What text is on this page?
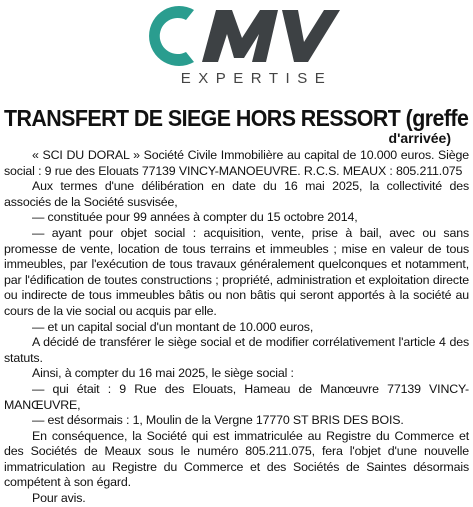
EXPERTISE
TRANSFERT DE SIEGE HORS RESSORT (greffe
d'arrivée)

« SCI DU DORAL » Société Civile Immobilière au capital de 10.000 euros. Siège social : 9 rue des Elouats 77139 VINCY-MANOEUVRE. R.C.S. MEAUX : 805.211.075

Aux termes d'une délibération en date du 16 mai 2025, la collectivité des associés de la Société susvisée,

— constituée pour 99 années à compter du 15 octobre 2014,

— ayant pour objet social : acquisition, vente, prise à bail, avec ou sans promesse de vente, location de tous terrains et immeubles ; mise en valeur de tous immeubles, par l'exécution de tous travaux généralement quelconques et notamment, par l'édification de toutes constructions ; propriété, administration et exploitation directe ou indirecte de tous immeubles bâtis ou non bâtis qui seront apportés à la société au cours de la vie social ou acquis par elle.

— et un capital social d'un montant de 10.000 euros,

A décidé de transférer le siège social et de modifier corrélativement l'article 4 des statuts.

Ainsi, à compter du 16 mai 2025, le siège social :

— qui était : 9 Rue des Elouats, Hameau de Manœuvre 77139 VINCY-MANŒUVRE,

— est désormais : 1, Moulin de la Vergne 17770 ST BRIS DES BOIS.

En conséquence, la Société qui est immatriculée au Registre du Commerce et des Sociétés de Meaux sous le numéro 805.211.075, fera l'objet d'une nouvelle immatriculation au Registre du Commerce et des Sociétés de Saintes désormais compétent à son égard.

Pour avis.
